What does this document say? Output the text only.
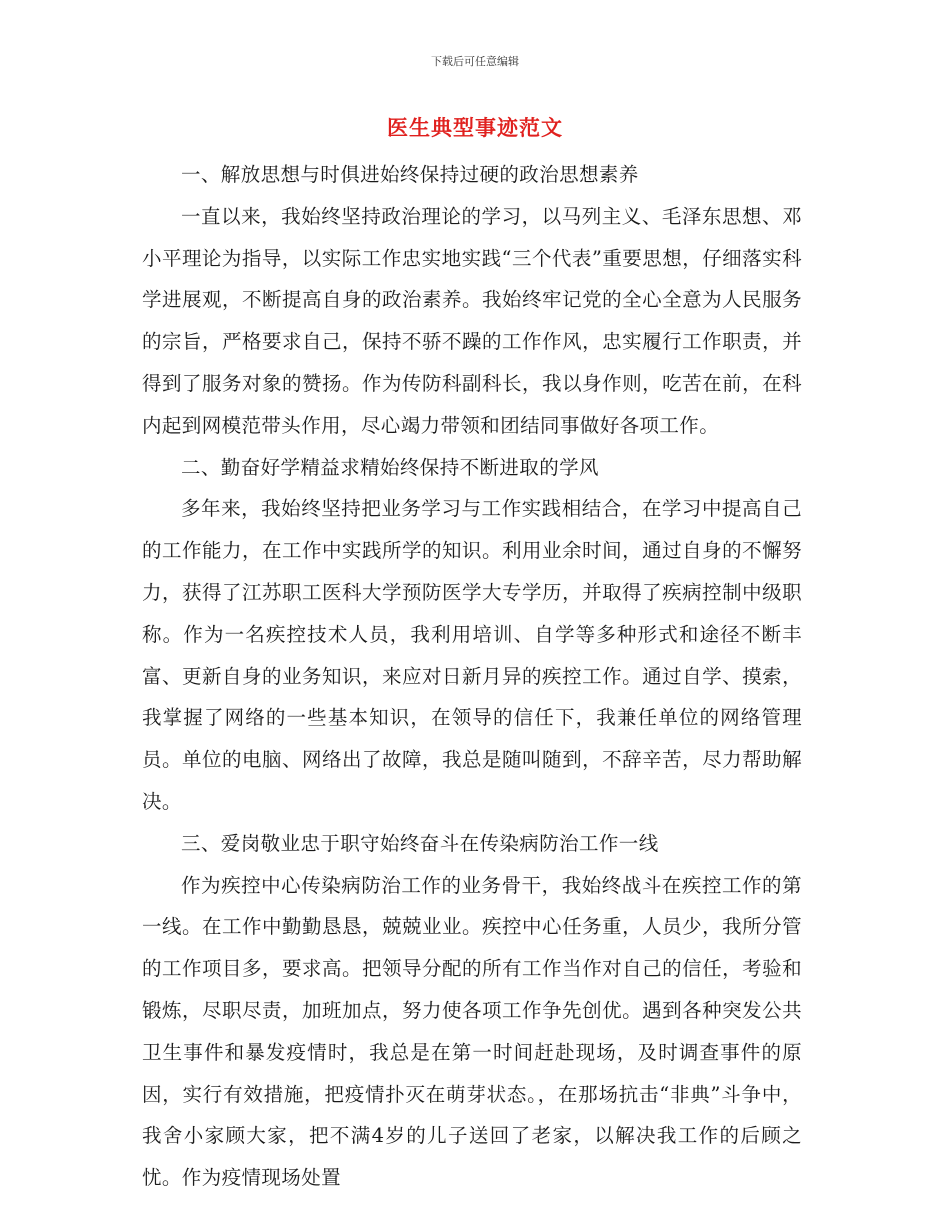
下载后可任意编辑
医生典型事迹范文

一、解放思想与时俱进始终保持过硬的政治思想素养

一直以来，我始终坚持政治理论的学习，以马列主义、毛泽东思想、邓小平理论为指导，以实际工作忠实地实践“三个代表”重要思想，仔细落实科学进展观，不断提高自身的政治素养。我始终牢记党的全心全意为人民服务的宗旨，严格要求自己，保持不骄不躁的工作作风，忠实履行工作职责，并得到了服务对象的赞扬。作为传防科副科长，我以身作则，吃苦在前，在科内起到网模范带头作用，尽心竭力带领和团结同事做好各项工作。

二、勤奋好学精益求精始终保持不断进取的学风

多年来，我始终坚持把业务学习与工作实践相结合，在学习中提高自己的工作能力，在工作中实践所学的知识。利用业余时间，通过自身的不懈努力，获得了江苏职工医科大学预防医学大专学历，并取得了疾病控制中级职称。作为一名疾控技术人员，我利用培训、自学等多种形式和途径不断丰富、更新自身的业务知识，来应对日新月异的疾控工作。通过自学、摸索，我掌握了网络的一些基本知识，在领导的信任下，我兼任单位的网络管理员。单位的电脑、网络出了故障，我总是随叫随到，不辞辛苦，尽力帮助解决。

三、爱岗敬业忠于职守始终奋斗在传染病防治工作一线

作为疾控中心传染病防治工作的业务骨干，我始终战斗在疾控工作的第一线。在工作中勤勤恳恳，兢兢业业。疾控中心任务重，人员少，我所分管的工作项目多，要求高。把领导分配的所有工作当作对自己的信任，考验和锻炼，尽职尽责，加班加点，努力使各项工作争先创优。遇到各种突发公共卫生事件和暴发疫情时，我总是在第一时间赶赴现场，及时调查事件的原因，实行有效措施，把疫情扑灭在萌芽状态。，在那场抗击“非典”斗争中，我舍小家顾大家，把不满4岁的儿子送回了老家，以解决我工作的后顾之忧。作为疫情现场处置
